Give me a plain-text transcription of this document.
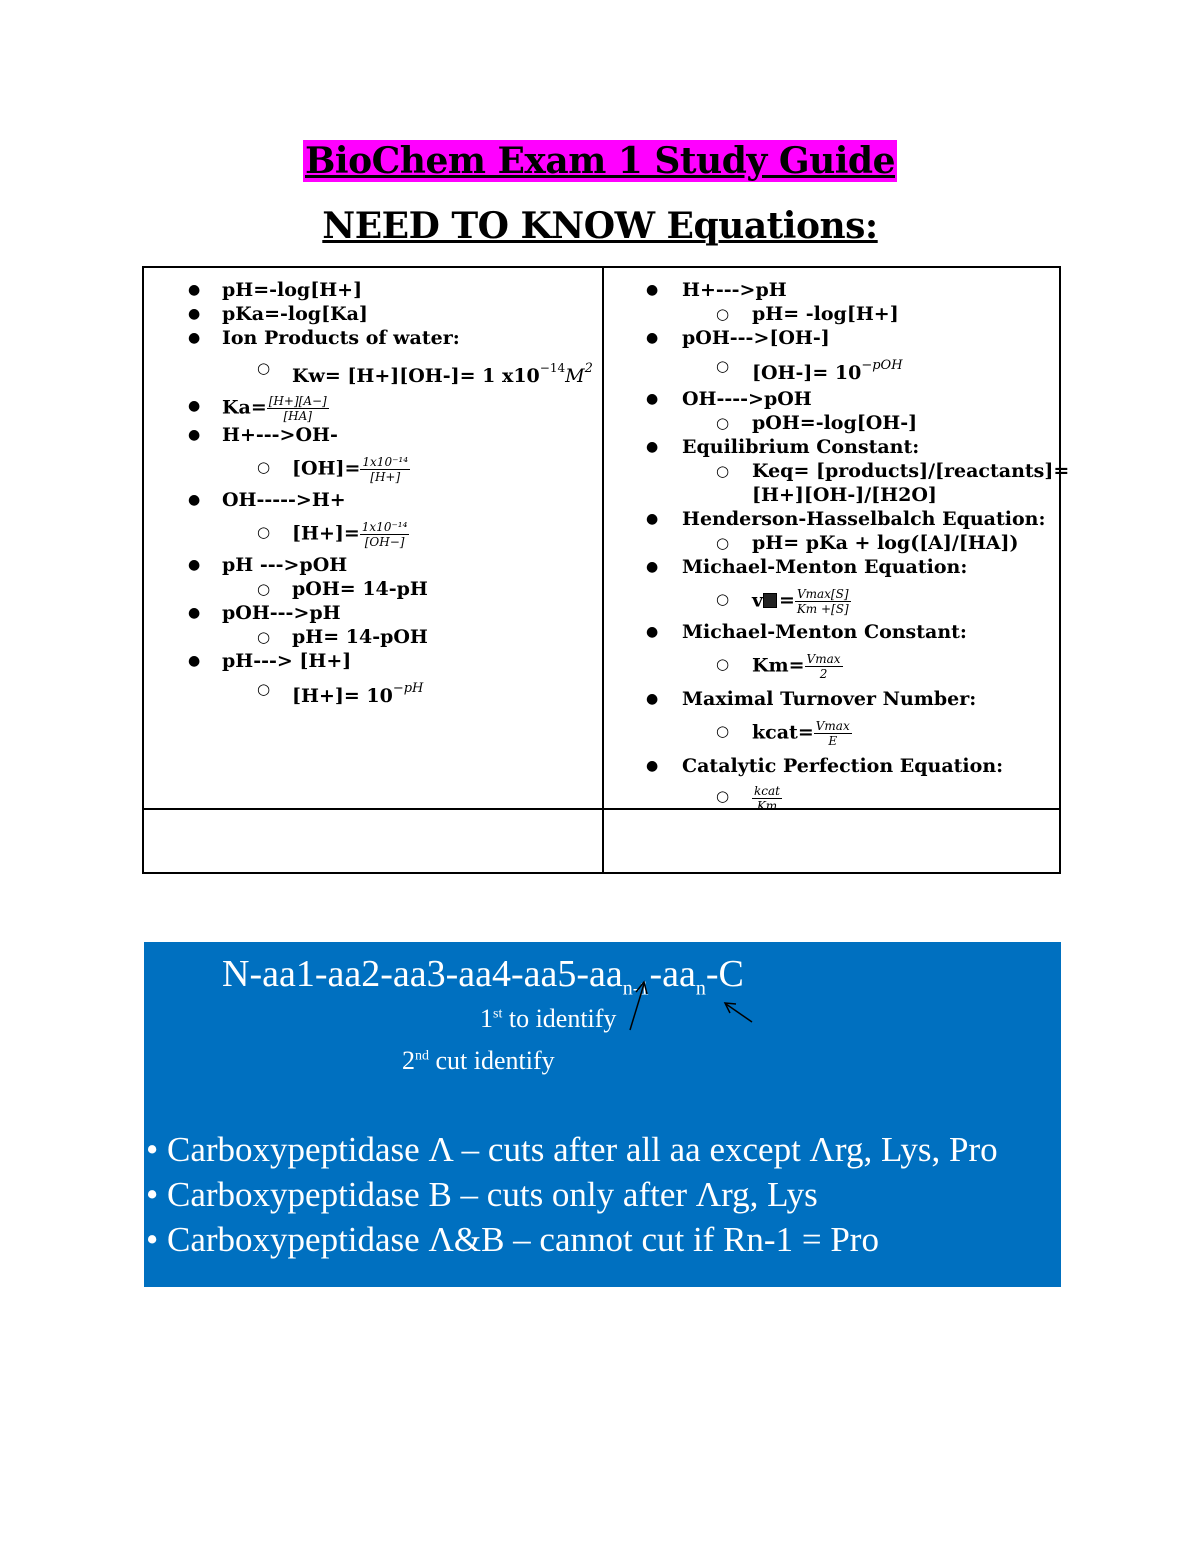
BioChem Exam 1 Study Guide
NEED TO KNOW Equations:
● pH=-log[H+]
● pKa=-log[Ka]
● Ion Products of water:
○ Kw= [H+][OH-]= 1 $x10^{-14}M^2$
● $Ka= \frac{[H+][A-]}{[HA]}$
● H+--->OH-
○ $[OH]= \frac{\text{1x10⁻¹⁴}}{[H+]}$
● OH----->H+
○ $[H+]= \frac{\text{1x10⁻¹⁴}}{[OH-]}$
● pH --->pOH
○ pOH= 14-pH
● pOH--->pH
○ pH= 14-pOH
● pH---> [H+]
○ $[H+]= 10^{-pH}$
● H+--->pH
○ pH= -log[H+]
● pOH--->[OH-]
○ $[OH-]= 10^{-pOH}$
● OH---->pOH
○ pOH=-log[OH-]
● Equilibrium Constant:
○ Keq= [products]/[reactants]=
[H+][OH-]/[H2O]
● Henderson-Hasselbalch Equation:
○ pH= pKa + log([A]/[HA])
● Michael-Menton Equation:
○ $v = \frac{Vmax[S]}{Km +[S]}$
● Michael-Menton Constant:
○ $Km= \frac{Vmax}{2}$
● Maximal Turnover Number:
○ kcat= $\frac{Vmax}{E}$
● Catalytic Perfection Equation:
○ $\frac{\text{kcat}}{Km}$
$N-aa1-aa2-aa3-aa4-aa5-aa_{n-1}-aa_n-C$
1st to identify
2nd cut identify
• Carboxypeptidase Λ – cuts after all aa except Λrg, Lys, Pro
• Carboxypeptidase B – cuts only after Λrg, Lys
• Carboxypeptidase Λ&B – cannot cut if Rn-1 = Pro
